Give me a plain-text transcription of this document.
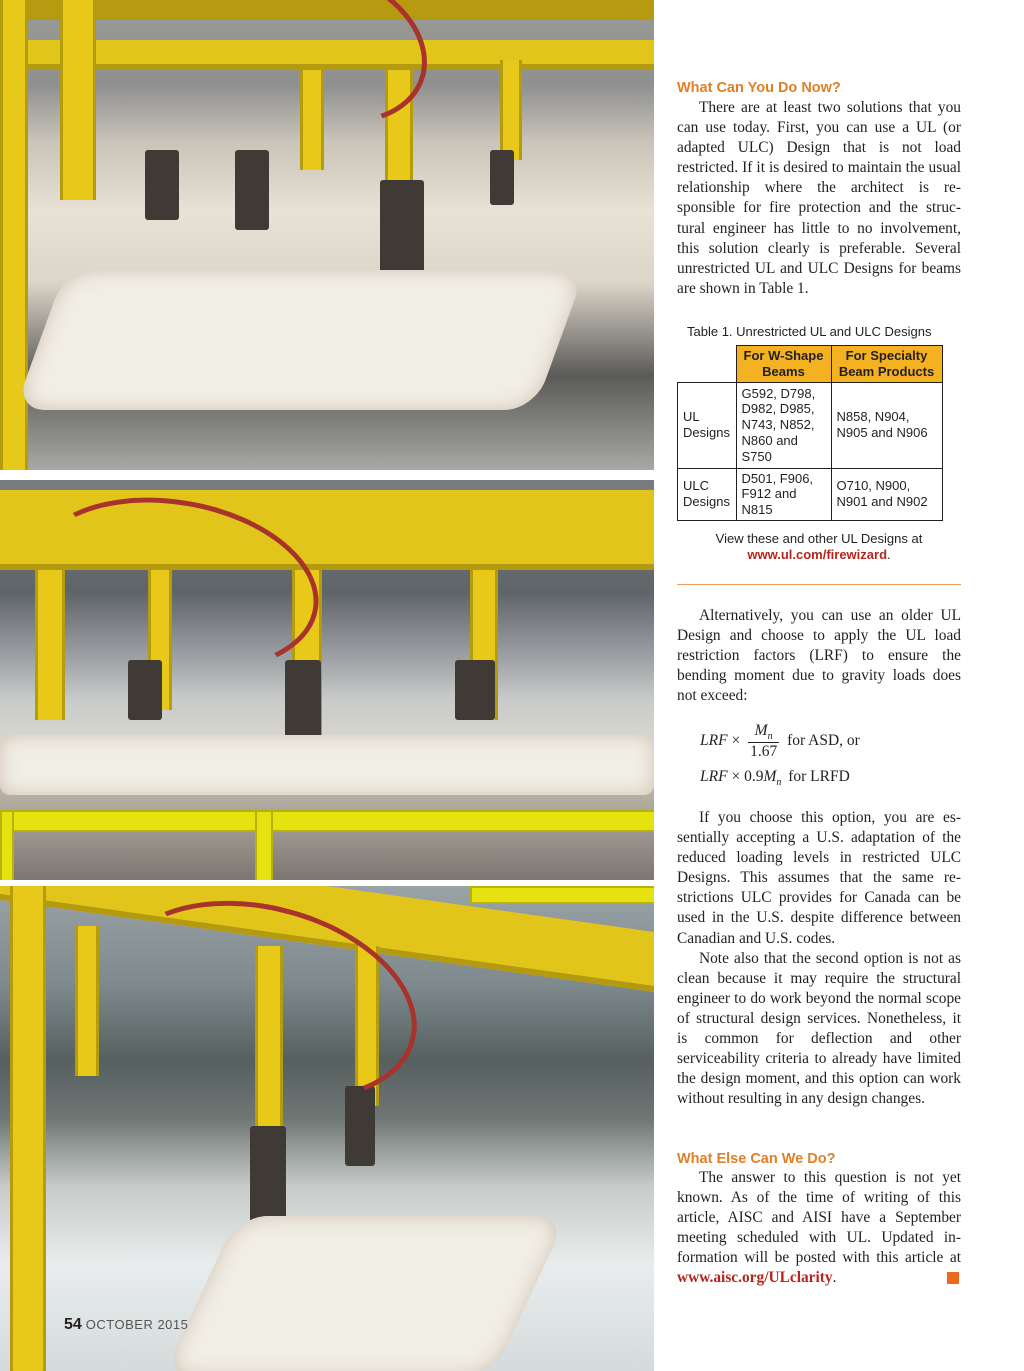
What Can You Do Now?

There are at least two solutions that you can use today. First, you can use a UL (or adapted ULC) Design that is not load restricted. If it is desired to maintain the usual relationship where the architect is re- sponsible for fire protection and the struc- tural engineer has little to no involvement, this solution clearly is preferable. Several unrestricted UL and ULC Designs for beams are shown in Table 1.

Table 1. Unrestricted UL and ULC Designs
	For W-Shape Beams	For Specialty Beam Products
UL Designs	G592, D798, D982, D985, N743, N852, N860 and S750	N858, N904, N905 and N906
ULC Designs	D501, F906, F912 and N815	O710, N900, N901 and N902
View these and other UL Designs at
www.ul.com/firewizard.

Alternatively, you can use an older UL Design and choose to apply the UL load restriction factors (LRF) to ensure the bending moment due to gravity loads does not exceed:

LRF × $\frac{M_n}{1.67}$ for ASD, or
LRF × $0.9M_n$ for LRFD

If you choose this option, you are es- sentially accepting a U.S. adaptation of the reduced loading levels in restricted ULC Designs. This assumes that the same re- strictions ULC provides for Canada can be used in the U.S. despite difference between Canadian and U.S. codes.

Note also that the second option is not as clean because it may require the structural engineer to do work beyond the normal scope of structural design services. Nonetheless, it is common for deflection and other serviceability criteria to already have limited the design moment, and this option can work without resulting in any design changes.

What Else Can We Do?

The answer to this question is not yet known. As of the time of writing of this article, AISC and AISI have a September meeting scheduled with UL. Updated in- formation will be posted with this article at www.aisc.org/ULclarity.

54 OCTOBER 2015
